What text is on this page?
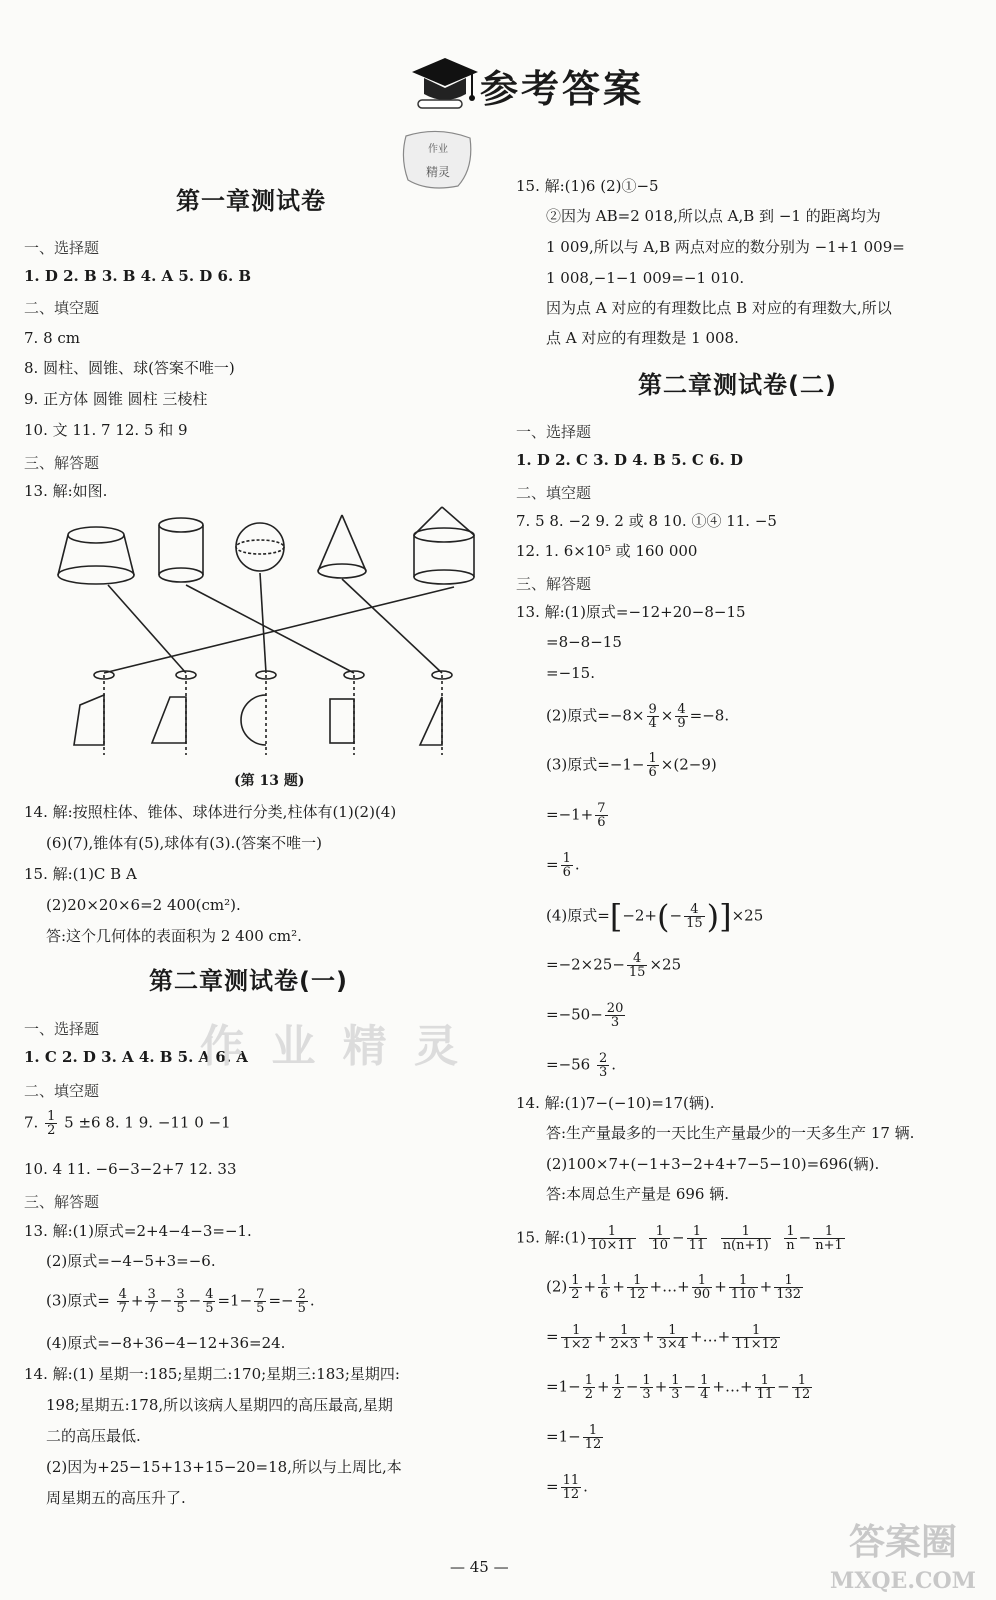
参考答案
作业
精灵
第一章测试卷
一、选择题
1. D 2. B 3. B 4. A 5. D 6. B
二、填空题
7. 8 cm
8. 圆柱、圆锥、球(答案不唯一)
9. 正方体 圆锥 圆柱 三棱柱
10. 文 11. 7 12. 5 和 9
三、解答题
13. 解:如图.
(第 13 题)
14. 解:按照柱体、锥体、球体进行分类,柱体有(1)(2)(4)
(6)(7),锥体有(5),球体有(3).(答案不唯一)
15. 解:(1)C B A
(2)20×20×6=2 400(cm²).
答:这个几何体的表面积为 2 400 cm².
第二章测试卷(一)
一、选择题
1. C 2. D 3. A 4. B 5. A 6. A
二、填空题
7. $\frac{1}{2} 5 \pm 6$ 8. 1 9. −11 0 −1
10. 4 11. −6−3−2+7 12. 33
三、解答题
13. 解:(1)原式=2+4−4−3=−1.
(2)原式=−4−5+3=−6.
(3)原式= $\frac{4}{7} + \frac{3}{7} - \frac{3}{5} - \frac{4}{5} =1- \frac{7}{5} =- \frac{2}{5}$ .
(4)原式=−8+36−4−12+36=24.
14. 解:(1) 星期一:185;星期二:170;星期三:183;星期四:
198;星期五:178,所以该病人星期四的高压最高,星期
二的高压最低.
(2)因为+25−15+13+15−20=18,所以与上周比,本
周星期五的高压升了.
15. 解:(1)6 (2)①−5
②因为 AB=2 018,所以点 A,B 到 −1 的距离均为
1 009,所以与 A,B 两点对应的数分别为 −1+1 009=
1 008,−1−1 009=−1 010.
因为点 A 对应的有理数比点 B 对应的有理数大,所以
点 A 对应的有理数是 1 008.
第二章测试卷(二)
一、选择题
1. D 2. C 3. D 4. B 5. C 6. D
二、填空题
7. 5 8. −2 9. 2 或 8 10. ①④ 11. −5
12. 1. 6×10⁵ 或 160 000
三、解答题
13. 解:(1)原式=−12+20−8−15
=8−8−15
=−15.
(2)原式$=-8\times \frac{9}{4} \times \frac{4}{9} =-8$.
(3)原式$=-1- \frac{1}{6} \times(2-9)$
$=-1+ \frac{7}{6}$
= $\frac{1}{6}$ .
(4)原式$=[-2+(- \frac{4}{15} )]\times 25$
$=-2\times 25- \frac{4}{15} \times 25$
$=-50- \frac{20}{3}$
$=-56 \frac{2}{3}$ .
14. 解:(1)7−(−10)=17(辆).
答:生产量最多的一天比生产量最少的一天多生产 17 辆.
(2)100×7+(−1+3−2+4+7−5−10)=696(辆).
答:本周总生产量是 696 辆.
15. 解:(1) $\frac{1}{10\times 11}$
$\frac{1}{10} - \frac{1}{11}$
$\frac{1}{n(n+1)}$
$\frac{1}{n} - \frac{1}{n+1}$
$(2) \frac{1}{2} + \frac{1}{6} + \frac{1}{12}$ +…+ $\frac{1}{90} + \frac{1}{110} + \frac{1}{132}$
= $\frac{1}{1\times 2} + \frac{1}{2\times 3} + \frac{1}{3\times 4}$ +…+ $\frac{1}{11\times 12}$
$=1- \frac{1}{2} + \frac{1}{2} - \frac{1}{3} + \frac{1}{3} - \frac{1}{4}$ +…+ $\frac{1}{11} - \frac{1}{12}$
$=1- \frac{1}{12}$
= $\frac{11}{12}$ .
作 业 精 灵
答案圈
MXQE.COM
— 45 —
